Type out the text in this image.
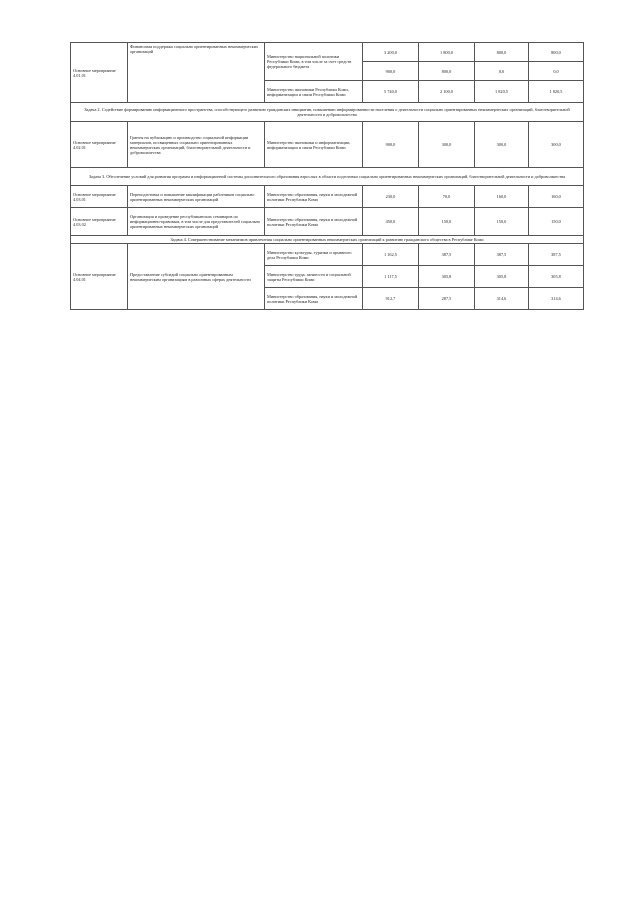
Основное мероприятие 4.01.01	Финансовая поддержка социально ориентированных некоммерческих организаций	Министерство национальной политики Республики Коми, в том числе за счет средств федерального бюджета	3 200,0	1 800,0	800,0	800,0
			900,0	800,0	0,0	0,0
		Министерство экономики Республики Коми, информатизации и связи Республики Коми	5 740,0	2 100,0	1 820,5	1 820,5
Задача 2. Содействие формированию информационного пространства, способствующего развитию гражданских инициатив, повышению информированности населения о деятельности социально ориентированных некоммерческих организаций, благотворительной деятельности и добровольчества						
Основное мероприятие 4.02.01	Гранты на публикацию и производство социальной информации материалов, посвященных социально ориентированных некоммерческих организаций, благотворительной деятельности и добровольчества	Министерство экономики и информатизации, информатизации и связи Республики Коми	900,0	300,0	300,0	300,0
Задача 3. Обеспечение условий для развития программ и информационной системы дополнительного образования взрослых в области подготовки социально ориентированных некоммерческих организаций, благотворительной деятельности и добровольчества						
Основное мероприятие 4.03.01	Переподготовка и повышение квалификации работников социально ориентированных некоммерческих организаций	Министерство образования, науки и молодежной политики Республики Коми	230,0	70,0	160,0	160,0
Основное мероприятие 4.03.02	Организация и проведение республиканских семинаров по информационно-правовым, в том числе для представителей социально ориентированных некоммерческих организаций	Министерство образования, науки и молодежной политики Республики Коми	450,0	150,0	150,0	150,0
Задача 4. Совершенствование механизмов привлечения социально ориентированных некоммерческих организаций к развитию гражданского общества в Республике Коми						
Основное мероприятие 4.04.01	Предоставление субсидий социально ориентированным некоммерческим организациям в различных сферах деятельности	Министерство культуры, туризма и архивного дела Республики Коми	1 162,5	387,5	387,5	387,5
		Министерство труда, занятости и социальной защиты Республики Коми	1 117,5	305,8	305,8	305,8
		Министерство образования, науки и молодежной политики Республики Коми	912,7	287,5	314,6	314,6
